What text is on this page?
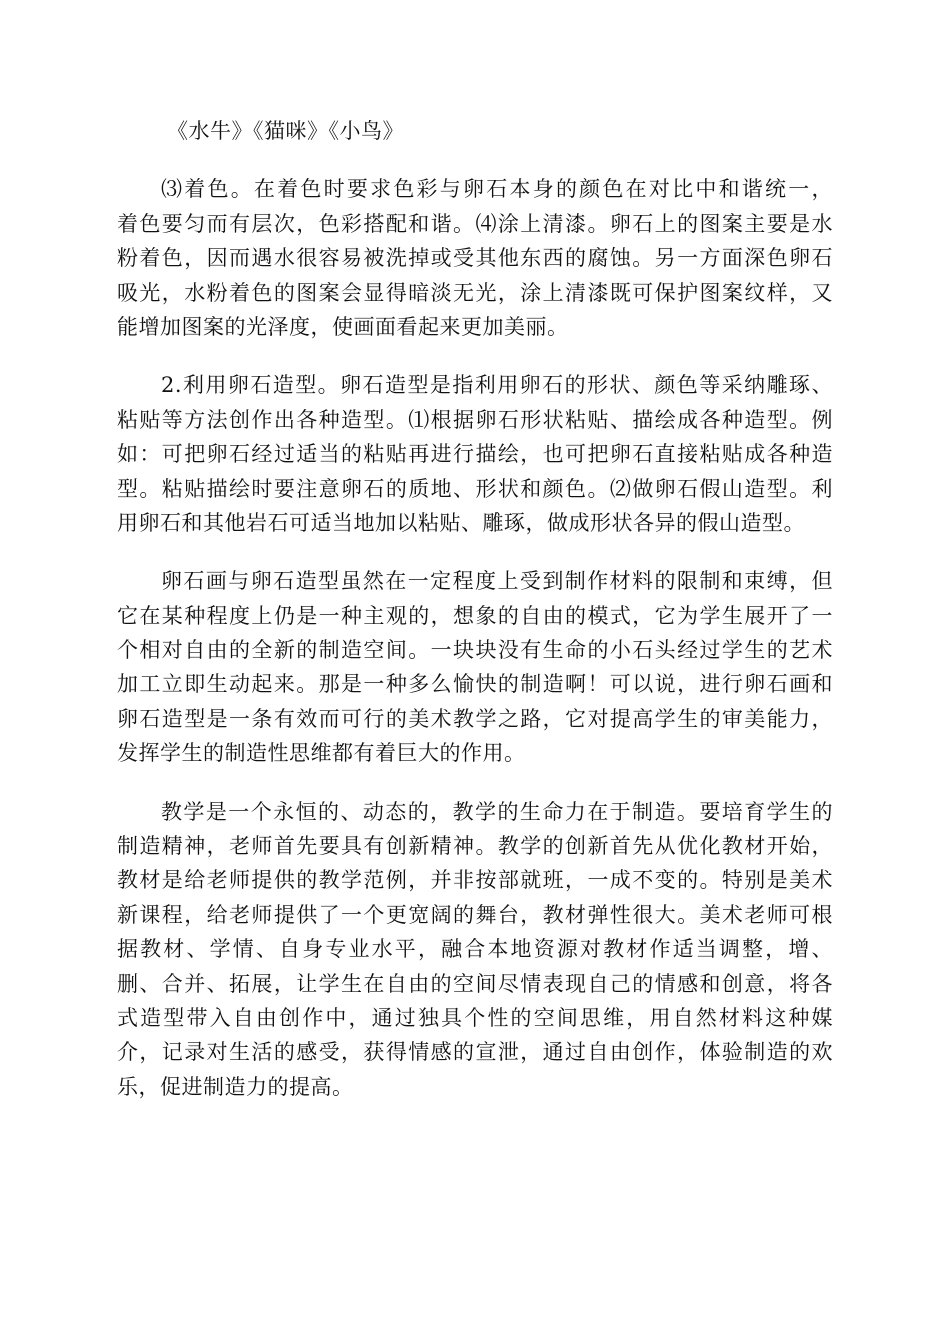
《水牛》《猫咪》《小鸟》
⑶着色。在着色时要求色彩与卵石本身的颜色在对比中和谐统一，
着色要匀而有层次，色彩搭配和谐。⑷涂上清漆。卵石上的图案主要是水
粉着色，因而遇水很容易被洗掉或受其他东西的腐蚀。另一方面深色卵石
吸光，水粉着色的图案会显得暗淡无光，涂上清漆既可保护图案纹样，又
能增加图案的光泽度，使画面看起来更加美丽。
2.利用卵石造型。卵石造型是指利用卵石的形状、颜色等采纳雕琢、
粘贴等方法创作出各种造型。⑴根据卵石形状粘贴、描绘成各种造型。例
如：可把卵石经过适当的粘贴再进行描绘，也可把卵石直接粘贴成各种造
型。粘贴描绘时要注意卵石的质地、形状和颜色。⑵做卵石假山造型。利
用卵石和其他岩石可适当地加以粘贴、雕琢，做成形状各异的假山造型。
卵石画与卵石造型虽然在一定程度上受到制作材料的限制和束缚，但
它在某种程度上仍是一种主观的，想象的自由的模式，它为学生展开了一
个相对自由的全新的制造空间。一块块没有生命的小石头经过学生的艺术
加工立即生动起来。那是一种多么愉快的制造啊！可以说，进行卵石画和
卵石造型是一条有效而可行的美术教学之路，它对提高学生的审美能力，
发挥学生的制造性思维都有着巨大的作用。
教学是一个永恒的、动态的，教学的生命力在于制造。要培育学生的
制造精神，老师首先要具有创新精神。教学的创新首先从优化教材开始，
教材是给老师提供的教学范例，并非按部就班，一成不变的。特别是美术
新课程，给老师提供了一个更宽阔的舞台，教材弹性很大。美术老师可根
据教材、学情、自身专业水平，融合本地资源对教材作适当调整，增、
删、合并、拓展，让学生在自由的空间尽情表现自己的情感和创意，将各
式造型带入自由创作中，通过独具个性的空间思维，用自然材料这种媒
介，记录对生活的感受，获得情感的宣泄，通过自由创作，体验制造的欢
乐，促进制造力的提高。
